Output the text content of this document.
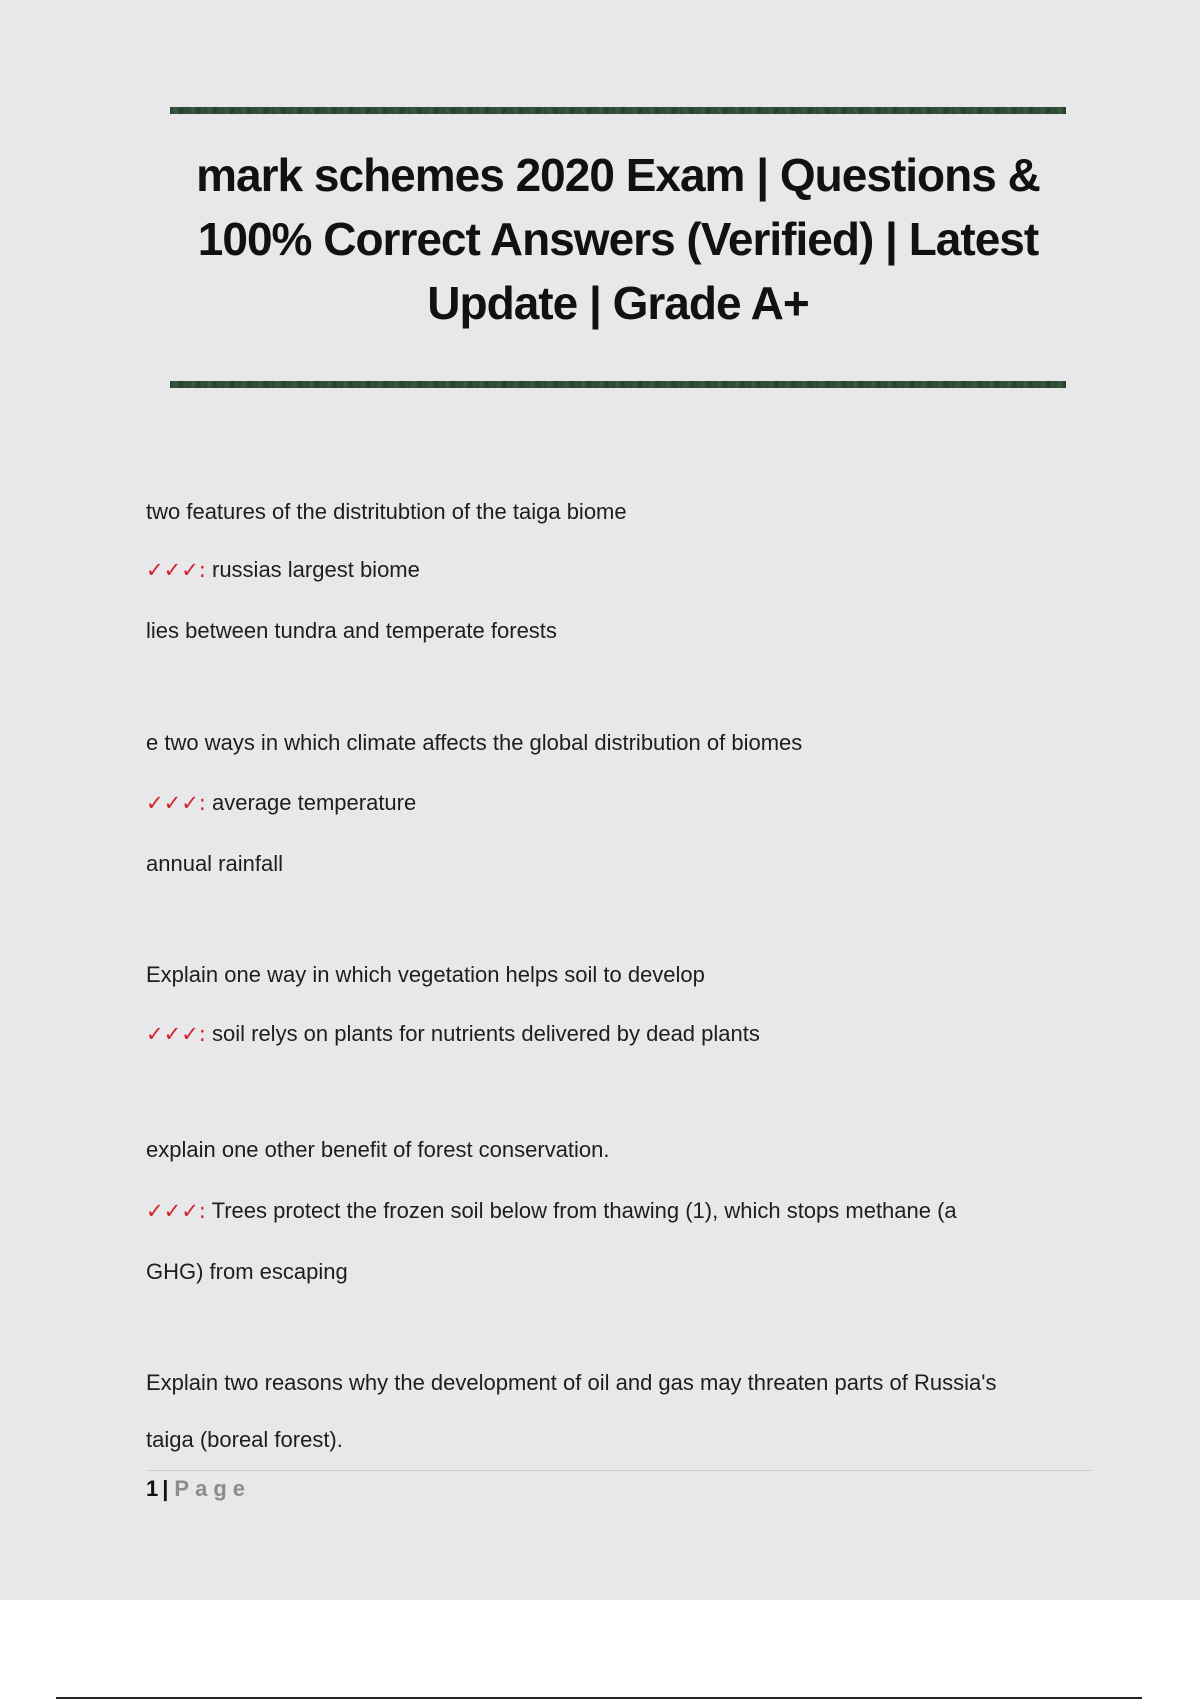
mark schemes 2020 Exam | Questions & 100% Correct Answers (Verified) | Latest Update | Grade A+
two features of the distritubtion of the taiga biome
✓✓✓: russias largest biome
lies between tundra and temperate forests
e two ways in which climate affects the global distribution of biomes
✓✓✓: average temperature
annual rainfall
Explain one way in which vegetation helps soil to develop
✓✓✓: soil relys on plants for nutrients delivered by dead plants
explain one other benefit of forest conservation.
✓✓✓: Trees protect the frozen soil below from thawing (1), which stops methane (a
GHG) from escaping
Explain two reasons why the development of oil and gas may threaten parts of Russia's
taiga (boreal forest).
1 | Page
